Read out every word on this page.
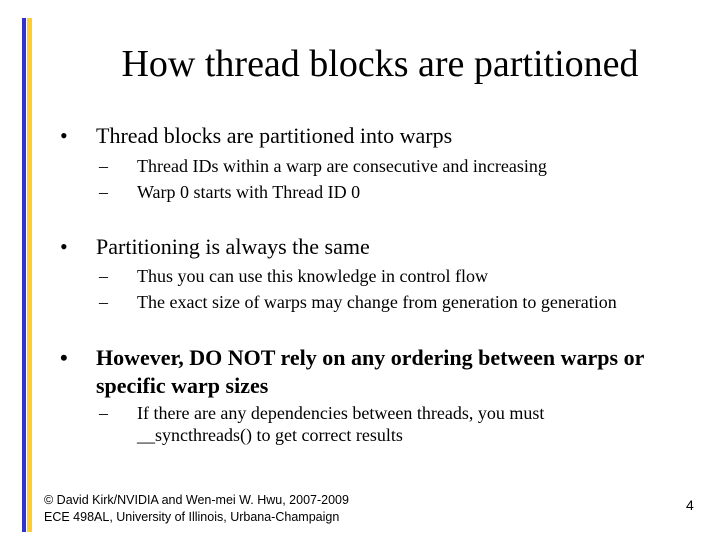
How thread blocks are partitioned
• Thread blocks are partitioned into warps
– Thread IDs within a warp are consecutive and increasing
– Warp 0 starts with Thread ID 0
• Partitioning is always the same
– Thus you can use this knowledge in control flow
– The exact size of warps may change from generation to generation
• However, DO NOT rely on any ordering between warps or specific warp sizes
– If there are any dependencies between threads, you must __syncthreads() to get correct results
© David Kirk/NVIDIA and Wen-mei W. Hwu, 2007-2009
ECE 498AL, University of Illinois, Urbana-Champaign
4
